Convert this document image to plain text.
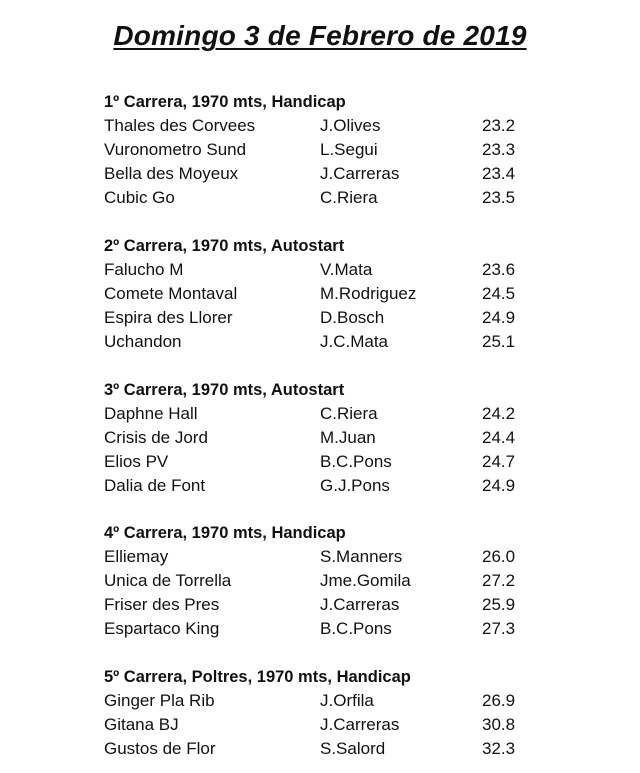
Domingo 3 de Febrero de 2019
1º Carrera, 1970 mts, Handicap
Thales des Corvees	J.Olives	23.2
Vuronometro Sund	L.Segui	23.3
Bella des Moyeux	J.Carreras	23.4
Cubic Go	C.Riera	23.5
2º Carrera, 1970 mts, Autostart
Falucho M	V.Mata	23.6
Comete Montaval	M.Rodriguez	24.5
Espira des Llorer	D.Bosch	24.9
Uchandon	J.C.Mata	25.1
3º Carrera, 1970 mts, Autostart
Daphne Hall	C.Riera	24.2
Crisis de Jord	M.Juan	24.4
Elios PV	B.C.Pons	24.7
Dalia de Font	G.J.Pons	24.9
4º Carrera, 1970 mts, Handicap
Elliemay	S.Manners	26.0
Unica de Torrella	Jme.Gomila	27.2
Friser des Pres	J.Carreras	25.9
Espartaco King	B.C.Pons	27.3
5º Carrera, Poltres, 1970 mts, Handicap
Ginger Pla Rib	J.Orfila	26.9
Gitana BJ	J.Carreras	30.8
Gustos de Flor	S.Salord	32.3
